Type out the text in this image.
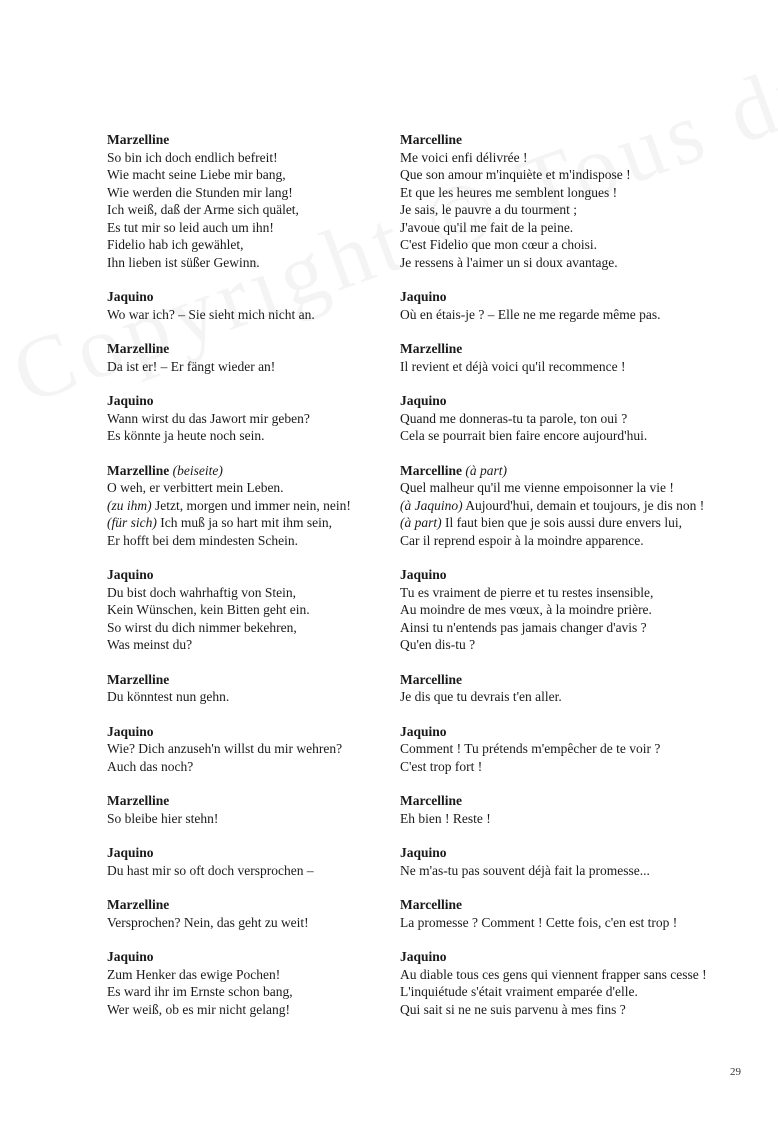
Marzelline
So bin ich doch endlich befreit!
Wie macht seine Liebe mir bang,
Wie werden die Stunden mir lang!
Ich weiß, daß der Arme sich quälet,
Es tut mir so leid auch um ihn!
Fidelio hab ich gewählet,
Ihn lieben ist süßer Gewinn.
Jaquino
Wo war ich? – Sie sieht mich nicht an.
Marzelline
Da ist er! – Er fängt wieder an!
Jaquino
Wann wirst du das Jawort mir geben?
Es könnte ja heute noch sein.
Marzelline (beiseite)
O weh, er verbittert mein Leben.
(zu ihm) Jetzt, morgen und immer nein, nein!
(für sich) Ich muß ja so hart mit ihm sein,
Er hofft bei dem mindesten Schein.
Jaquino
Du bist doch wahrhaftig von Stein,
Kein Wünschen, kein Bitten geht ein.
So wirst du dich nimmer bekehren,
Was meinst du?
Marzelline
Du könntest nun gehn.
Jaquino
Wie? Dich anzuseh'n willst du mir wehren?
Auch das noch?
Marzelline
So bleibe hier stehn!
Jaquino
Du hast mir so oft doch versprochen –
Marzelline
Versprochen? Nein, das geht zu weit!
Jaquino
Zum Henker das ewige Pochen!
Es ward ihr im Ernste schon bang,
Wer weiß, ob es mir nicht gelang!
Marcelline
Me voici enfi délivrée !
Que son amour m'inquiète et m'indispose !
Et que les heures me semblent longues !
Je sais, le pauvre a du tourment ;
J'avoue qu'il me fait de la peine.
C'est Fidelio que mon cœur a choisi.
Je ressens à l'aimer un si doux avantage.
Jaquino
Où en étais-je ? – Elle ne me regarde même pas.
Marzelline
Il revient et déjà voici qu'il recommence !
Jaquino
Quand me donneras-tu ta parole, ton oui ?
Cela se pourrait bien faire encore aujourd'hui.
Marcelline (à part)
Quel malheur qu'il me vienne empoisonner la vie !
(à Jaquino) Aujourd'hui, demain et toujours, je dis non !
(à part) Il faut bien que je sois aussi dure envers lui,
Car il reprend espoir à la moindre apparence.
Jaquino
Tu es vraiment de pierre et tu restes insensible,
Au moindre de mes vœux, à la moindre prière.
Ainsi tu n'entends pas jamais changer d'avis ?
Qu'en dis-tu ?
Marcelline
Je dis que tu devrais t'en aller.
Jaquino
Comment ! Tu prétends m'empêcher de te voir ?
C'est trop fort !
Marcelline
Eh bien ! Reste !
Jaquino
Ne m'as-tu pas souvent déjà fait la promesse...
Marcelline
La promesse ? Comment ! Cette fois, c'en est trop !
Jaquino
Au diable tous ces gens qui viennent frapper sans cesse !
L'inquiétude s'était vraiment emparée d'elle.
Qui sait si ne ne suis parvenu à mes fins ?
29
